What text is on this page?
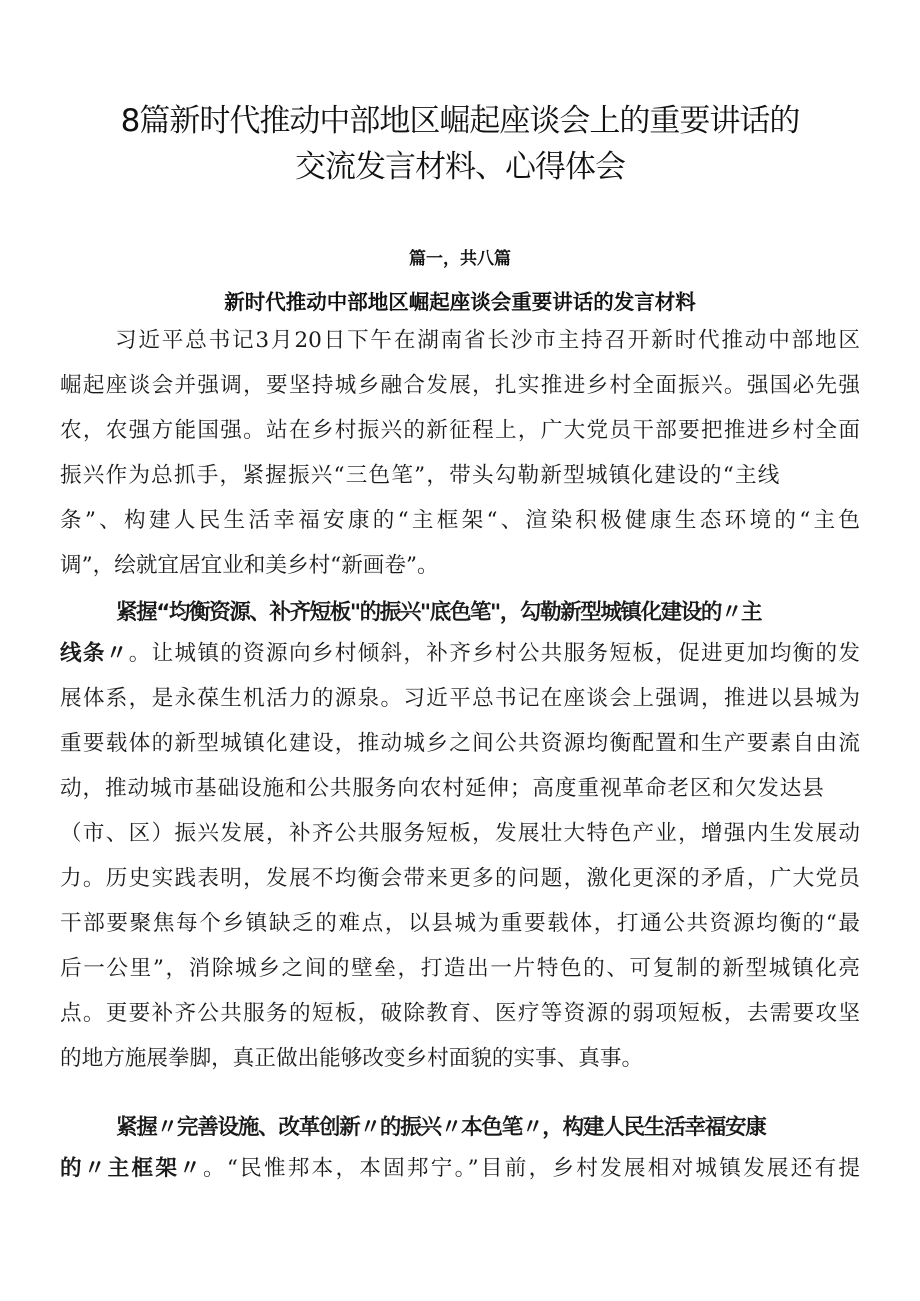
8篇新时代推动中部地区崛起座谈会上的重要讲话的
交流发言材料、心得体会
篇一，共八篇
新时代推动中部地区崛起座谈会重要讲话的发言材料
习近平总书记3月20日下午在湖南省长沙市主持召开新时代推动中部地区
崛起座谈会并强调，要坚持城乡融合发展，扎实推进乡村全面振兴。强国必先强
农，农强方能国强。站在乡村振兴的新征程上，广大党员干部要把推进乡村全面
振兴作为总抓手，紧握振兴“三色笔”，带头勾勒新型城镇化建设的“主线
条”、构建人民生活幸福安康的“主框架“、渲染积极健康生态环境的“主色
调”，绘就宜居宜业和美乡村“新画卷”。
紧握“均衡资源、补齐短板"的振兴"底色笔"，勾勒新型城镇化建设的〃主
线条〃。让城镇的资源向乡村倾斜，补齐乡村公共服务短板，促进更加均衡的发
展体系，是永葆生机活力的源泉。习近平总书记在座谈会上强调，推进以县城为
重要载体的新型城镇化建设，推动城乡之间公共资源均衡配置和生产要素自由流
动，推动城市基础设施和公共服务向农村延伸；高度重视革命老区和欠发达县
（市、区）振兴发展，补齐公共服务短板，发展壮大特色产业，增强内生发展动
力。历史实践表明，发展不均衡会带来更多的问题，激化更深的矛盾，广大党员
干部要聚焦每个乡镇缺乏的难点，以县城为重要载体，打通公共资源均衡的“最
后一公里”，消除城乡之间的壁垒，打造出一片特色的、可复制的新型城镇化亮
点。更要补齐公共服务的短板，破除教育、医疗等资源的弱项短板，去需要攻坚
的地方施展拳脚，真正做出能够改变乡村面貌的实事、真事。
紧握〃完善设施、改革创新〃的振兴〃本色笔〃，构建人民生活幸福安康
的〃主框架〃。“民惟邦本，本固邦宁。”目前，乡村发展相对城镇发展还有提
